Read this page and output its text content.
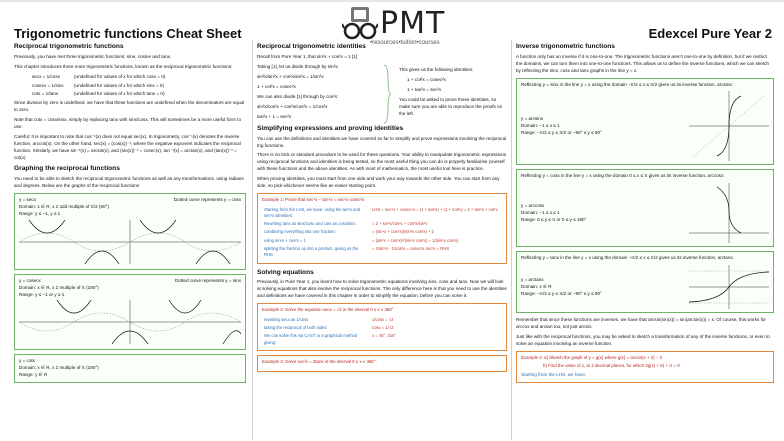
Trigonometric functions Cheat Sheet	Edexcel Pure Year 2
PMT
•resources•tuition•courses
Reciprocal trigonometric functions

Previously, you have met three trigonometric functions; sine, cosine and tanx.

This chapter introduces three more trigonometric functions, known as the reciprocal trigonometric functions:

secx = 1/cosx	(undefined for values of x for which cosx = 0)
cosecx = 1/sinx	(undefined for values of x for which sinx = 0)
cotx = 1/tanx	(undefined for values of x for which tanx = 0)

Since division by zero is undefined, we have that these functions are undefined when the denominators are equal to zero.

Note that cotx = cosx/sinx, simply by replacing tanx with sinx/cosx. This will sometimes be a more useful form to use.

Careful: It is important to note that cos⁻¹(x) does not equal sec(x). In trigonometry, cos⁻¹(x) denotes the inverse function, arccos(x). On the other hand, sec(x) = (cos(x))⁻¹, where the negative exponent indicates the reciprocal function. Similarly, we have sin⁻¹(x) = arcsin(x), and (sin(x))⁻¹ = cosec(x), tan⁻¹(x) = arctan(x), and (tan(x))⁻¹ = cot(x)

Graphing the reciprocal functions

You need to be able to sketch the reciprocal trigonometric functions as well as any transformations, using radians and degrees. Below are the graphs of the reciprocal functions

y = secx
Domain: x ∈ R, x ≠ odd multiple of π/2 (90°)
Range: y ≤ −1, y ≥ 1
Dotted curve represents y = cosx
y = cosecx
Domain: x ∈ R, x ≠ multiple of π (180°)
Range: y ≤ −1 or y ≥ 1
Dotted curve represents y = sinx
y = cotx
Domain: x ∈ R, x ≠ multiple of π (180°)
Range: y ∈ R
Reciprocal trigonometric identities

Recall from Pure Year 1, that sin²x + cos²x = 1 [1]

Taking [1], let us divide through by sin²x:

sin²x/sin²x + cos²x/sin²x = 1/sin²x

1 + cot²x = cosec²x

We can also divide [1] through by cos²x:

sin²x/cos²x + cos²x/cos²x = 1/cos²x

tan²x + 1 = sec²x

This gives us the following identities:

1 + cot²x = cosec²x

1 + tan²x = sec²x

You could be asked to prove these identities, so make sure you are able to reproduce the proofs on the left.

Simplifying expressions and proving identities

You can use the definitions and identities we have covered so far to simplify and prove expressions involving the reciprocal trig functions.

There is no trick or standard procedure to be used for these questions. Your ability to manipulate trigonometric expressions using reciprocal functions and identities is being tested, so the most useful thing you can do is properly familiarise yourself with these functions and the above identities. As with most of mathematics, the most useful tool here is practice.

When proving identities, you must start from one side and work your way towards the other side. You can start from any side, so pick whichever seems like an easier starting point.

Example 1: Prove that sec⁴x − tan⁴x = sec²x cosec²x
Starting from the LHS, we have: using the tan²x and sec²x identities:	LHS = sec⁴x + cosec⁴x = (1 + tan²x) + (1 + cot²x) = 2 + tan²x + cot²x
Rewriting tanx as sinx/cosx and cotx as cosx/sinx	= 2 + sin²x/cos²x + cos²x/sin²x
combining everything into one fraction:	= (sin⁴x + cos⁴x)/(sin²x cos²x) + 2
using sin²x + cos²x = 1	= (sin²x + cos²x)²/(sin²x cos²x) = 1/(sin²x cos²x)
splitting the fraction up into a product, giving us the RHS.	= 1/sin²x · 1/cos²x = cosec²x sec²x = RHS
Solving equations

Previously, in Pure Year 1, you learnt how to solve trigonometric equations involving sinx, cosx and tanx. Now we will look at solving equations that also involve the reciprocal functions. The only difference here is that you need to use the identities and definitions we have covered in this chapter in order to simplify the equation, before you can solve it.

Example 2: Solve the equation secx = √2 in the interval 0 ≤ x ≤ 360°
rewriting secx as 1/cosx	1/cosx = √2
taking the reciprocal of both sides:	cosx = 1/√2
We can solve this via CAST or a graphical method giving:	x = 45°, 315°
Example 3: Solve sec²x = 3tanx in the interval 0 ≤ x ≤ 360°.
Inverse trigonometric functions

A function only has an inverse if it is one-to-one. The trigonometric functions aren't one-to-one by definition, but if we restrict the domains, we can turn them into one-to-one functions. This allows us to define the inverse functions, which we can sketch by reflecting the sinx, cosx and tanx graphs in the line y = x.

Reflecting y = sinx in the line y = x using the domain −π/2 ≤ x ≤ π/2 gives us its inverse function, arcsinx:

y = arcsinx
Domain: −1 ≤ x ≤ 1
Range: −π/2 ≤ y ≤ π/2 or −90° ≤ y ≤ 90°

Reflecting y = cosx in the line y = x using the domain 0 ≤ x ≤ π gives us its inverse function, arccosx:

y = arccosx
Domain: −1 ≤ x ≤ 1
Range: 0 ≤ y ≤ π or 0 ≤ y ≤ 180°

Reflecting y = tanx in the line y = x using the domain −π/2 ≤ x ≤ π/2 gives us its inverse function, arctanx:

y = arctanx
Domain: x ∈ R
Range: −π/2 ≤ y ≤ π/2 or −90° ≤ y ≤ 90°

Remember that since these functions are inverses, we have that arcsin(sin(x)) = sin(arcsin(x)) = x. Of course, this works for arccos and arctan too, not just arcsin.

Just like with the reciprocal functions, you may be asked to sketch a transformation of any of the inverse functions, or even to solve an equation involving an inverse function.

Example 4: a) Sketch the graph of y = g(x) where g(x) = arcsin(x + 2) − 2
b) Find the value of x, to 2 decimal places, for which 3g(x) + 5) + π = 0
Starting from the LHS, we have:
